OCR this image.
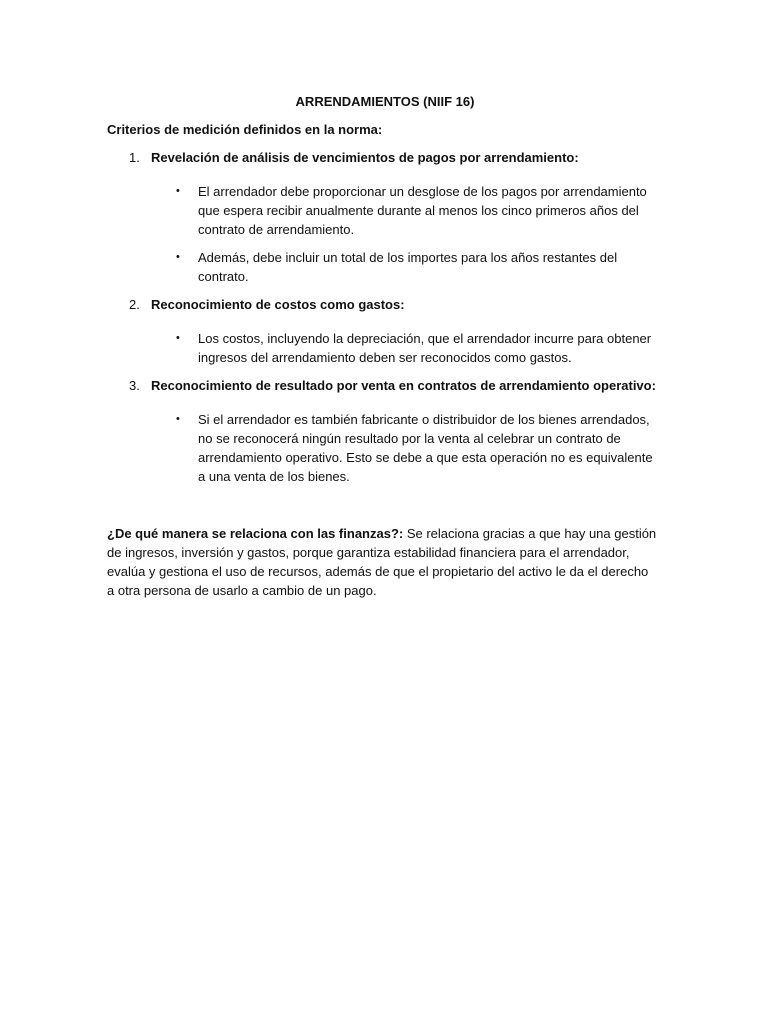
ARRENDAMIENTOS (NIIF 16)

Criterios de medición definidos en la norma:

1. Revelación de análisis de vencimientos de pagos por arrendamiento:
• El arrendador debe proporcionar un desglose de los pagos por arrendamiento que espera recibir anualmente durante al menos los cinco primeros años del contrato de arrendamiento.
• Además, debe incluir un total de los importes para los años restantes del contrato.
2. Reconocimiento de costos como gastos:
• Los costos, incluyendo la depreciación, que el arrendador incurre para obtener ingresos del arrendamiento deben ser reconocidos como gastos.
3. Reconocimiento de resultado por venta en contratos de arrendamiento operativo:
• Si el arrendador es también fabricante o distribuidor de los bienes arrendados, no se reconocerá ningún resultado por la venta al celebrar un contrato de arrendamiento operativo. Esto se debe a que esta operación no es equivalente a una venta de los bienes.

¿De qué manera se relaciona con las finanzas?: Se relaciona gracias a que hay una gestión de ingresos, inversión y gastos, porque garantiza estabilidad financiera para el arrendador, evalúa y gestiona el uso de recursos, además de que el propietario del activo le da el derecho a otra persona de usarlo a cambio de un pago.
